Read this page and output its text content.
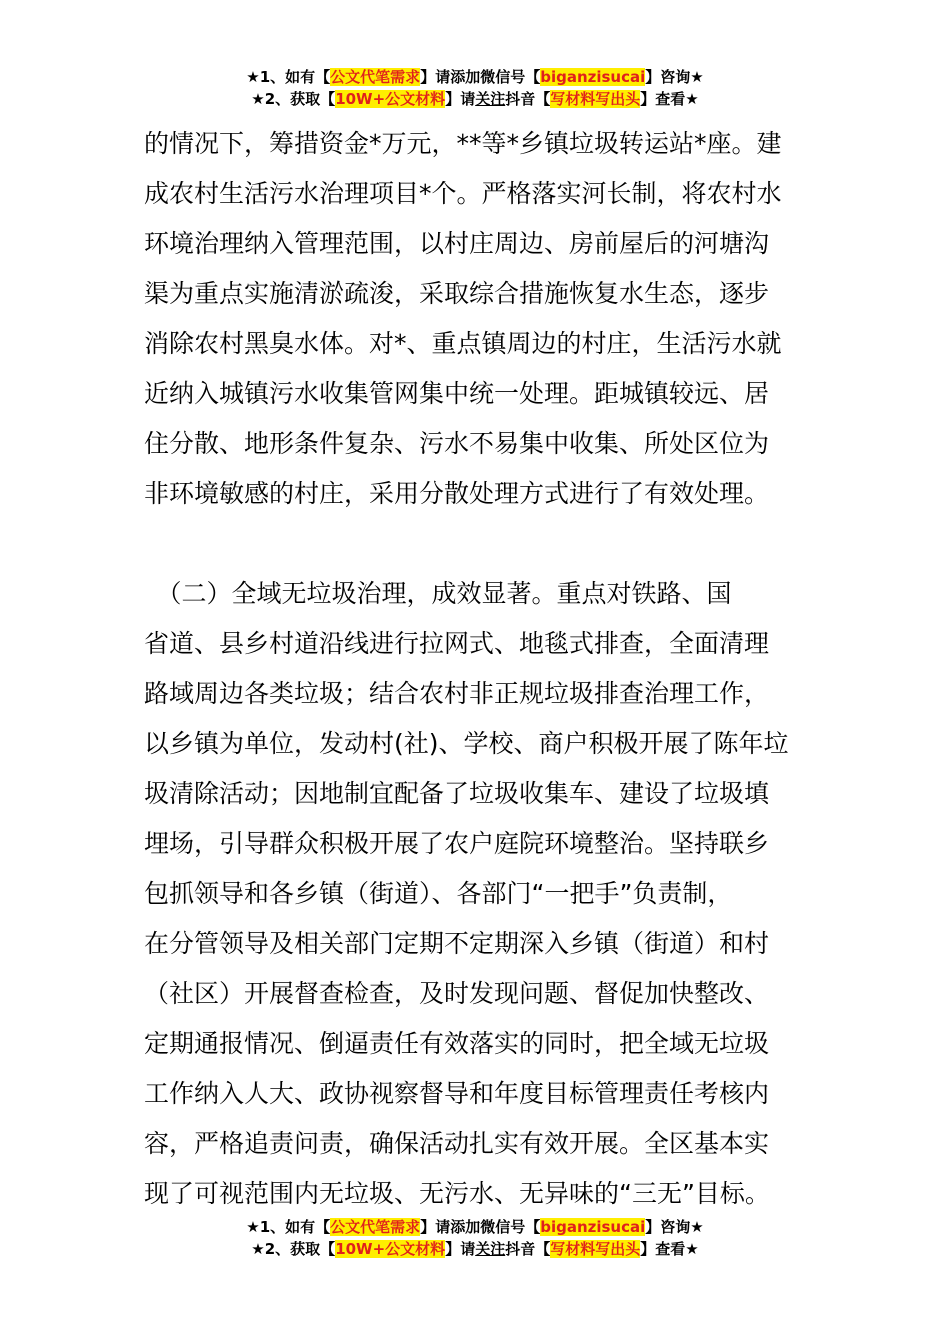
★1、如有【公文代笔需求】请添加微信号【biganzisucai】咨询★
★2、获取【10W+公文材料】请关注抖音【写材料写出头】查看★
的情况下，筹措资金*万元，**等*乡镇垃圾转运站*座。建
成农村生活污水治理项目*个。严格落实河长制，将农村水
环境治理纳入管理范围，以村庄周边、房前屋后的河塘沟
渠为重点实施清淤疏浚，采取综合措施恢复水生态，逐步
消除农村黑臭水体。对*、重点镇周边的村庄，生活污水就
近纳入城镇污水收集管网集中统一处理。距城镇较远、居
住分散、地形条件复杂、污水不易集中收集、所处区位为
非环境敏感的村庄，采用分散处理方式进行了有效处理。
　（二）全域无垃圾治理，成效显著。重点对铁路、国
省道、县乡村道沿线进行拉网式、地毯式排查，全面清理
路域周边各类垃圾；结合农村非正规垃圾排查治理工作，
以乡镇为单位，发动村(社)、学校、商户积极开展了陈年垃
圾清除活动；因地制宜配备了垃圾收集车、建设了垃圾填
埋场，引导群众积极开展了农户庭院环境整治。坚持联乡
包抓领导和各乡镇（街道）、各部门“一把手”负责制，
在分管领导及相关部门定期不定期深入乡镇（街道）和村
（社区）开展督查检查，及时发现问题、督促加快整改、
定期通报情况、倒逼责任有效落实的同时，把全域无垃圾
工作纳入人大、政协视察督导和年度目标管理责任考核内
容，严格追责问责，确保活动扎实有效开展。全区基本实
现了可视范围内无垃圾、无污水、无异味的“三无”目标。
★1、如有【公文代笔需求】请添加微信号【biganzisucai】咨询★
★2、获取【10W+公文材料】请关注抖音【写材料写出头】查看★
